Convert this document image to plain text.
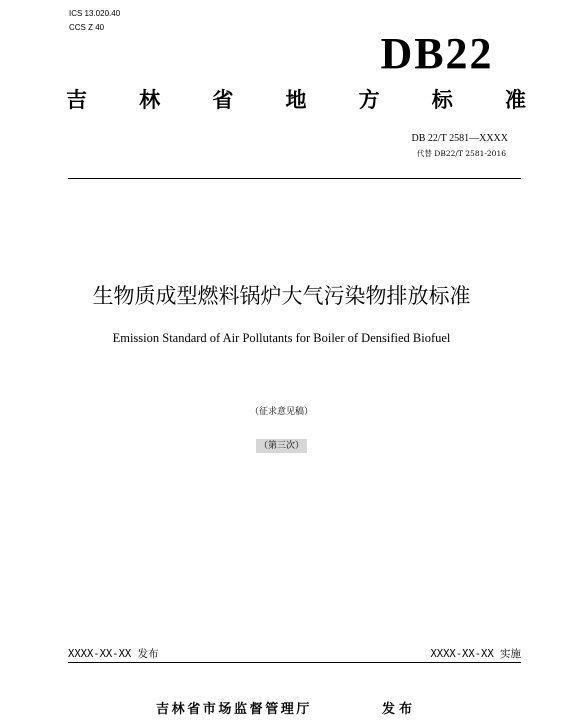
ICS 13.020.40
CCS Z 40
DB22
吉 林 省 地 方 标 准
DB 22/T 2581—XXXX
代替 DB22/T 2581-2016
生物质成型燃料锅炉大气污染物排放标准
Emission Standard of Air Pollutants for Boiler of Densified Biofuel
（征求意见稿）
（第三次）
XXXX-XX-XX 发布	XXXX-XX-XX 实施
吉林省市场监督管理厅	发布
